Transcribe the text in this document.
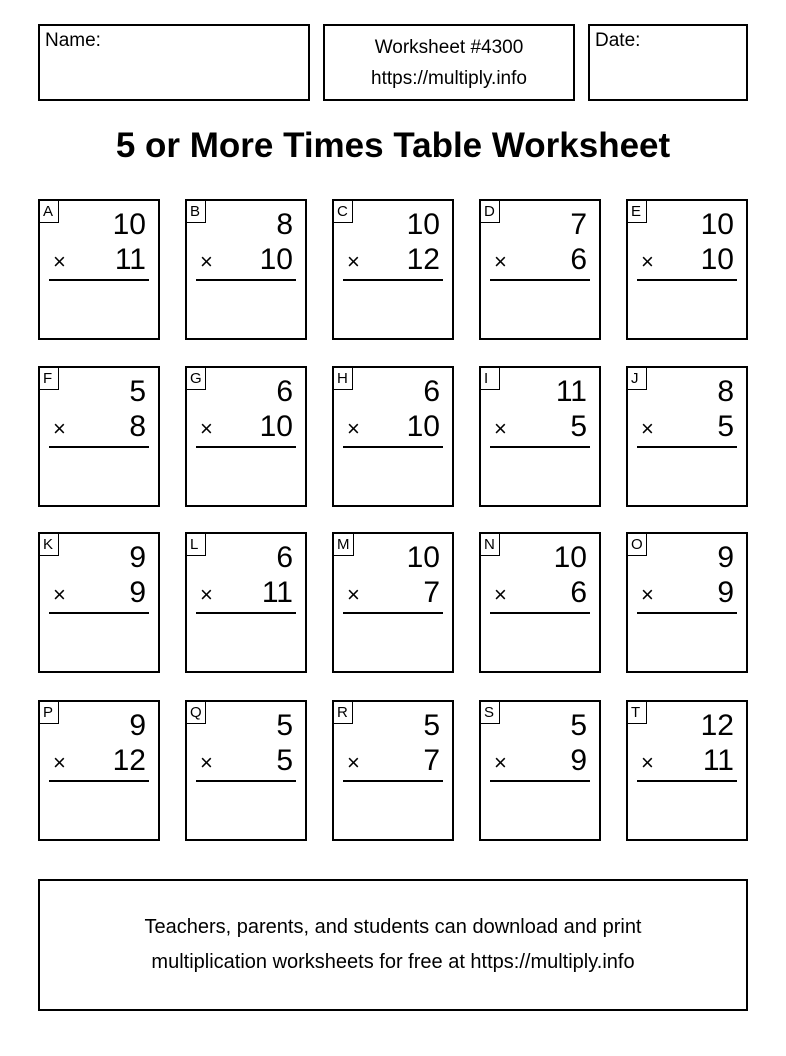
Name:	Worksheet #4300
https://multiply.info
Date:
5 or More Times Table Worksheet
A 10
× 11
B	8
× 10
C 10
× 12
D	7
× 6
E 10
× 10
F	5
× 8
G 6
× 10
H	6
× 10
I	11
× 5
J	8
× 5
K	9
× 9
L	6
× 11
M 10
× 7
N 10
× 6
O 9
× 9
P	9
× 12
Q 5
× 5
R	5
× 7
S	5
× 9
T 12
× 11
Teachers, parents, and students can download and print
multiplication worksheets for free at https://multiply.info
